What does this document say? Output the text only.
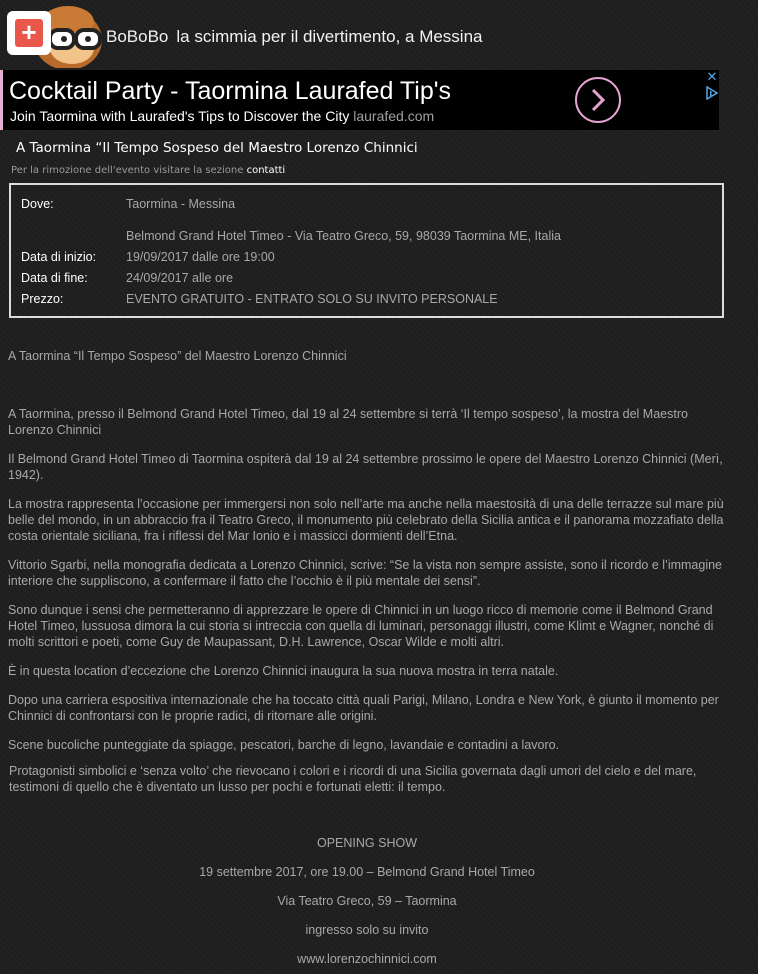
+	BoBoBo la scimmia per il divertimento, a Messina
Cocktail Party - Taormina Laurafed Tip's
Join Taormina with Laurafed's Tips to Discover the City laurafed.com
✕
A Taormina “Il Tempo Sospeso del Maestro Lorenzo Chinnici
Per la rimozione dell'evento visitare la sezione contatti
Dove:	Taormina - Messina
Belmond Grand Hotel Timeo - Via Teatro Greco, 59, 98039 Taormina ME, Italia
Data di inizio: 19/09/2017 dalle ore 19:00
Data di fine:	24/09/2017 alle ore
Prezzo:	EVENTO GRATUITO - ENTRATO SOLO SU INVITO PERSONALE

A Taormina “Il Tempo Sospeso” del Maestro Lorenzo Chinnici

A Taormina, presso il Belmond Grand Hotel Timeo, dal 19 al 24 settembre si terrà ‘Il tempo sospeso’, la mostra del Maestro Lorenzo Chinnici

Il Belmond Grand Hotel Timeo di Taormina ospiterà dal 19 al 24 settembre prossimo le opere del Maestro Lorenzo Chinnici (Merì, 1942).

La mostra rappresenta l’occasione per immergersi non solo nell’arte ma anche nella maestosità di una delle terrazze sul mare più belle del mondo, in un abbraccio fra il Teatro Greco, il monumento più celebrato della Sicilia antica e il panorama mozzafiato della costa orientale siciliana, fra i riflessi del Mar Ionio e i massicci dormienti dell’Etna.

Vittorio Sgarbi, nella monografia dedicata a Lorenzo Chinnici, scrive: “Se la vista non sempre assiste, sono il ricordo e l’immagine interiore che suppliscono, a confermare il fatto che l’occhio è il più mentale dei sensi”.

Sono dunque i sensi che permetteranno di apprezzare le opere di Chinnici in un luogo ricco di memorie come il Belmond Grand Hotel Timeo, lussuosa dimora la cui storia si intreccia con quella di luminari, personaggi illustri, come Klimt e Wagner, nonché di molti scrittori e poeti, come Guy de Maupassant, D.H. Lawrence, Oscar Wilde e molti altri.

È in questa location d’eccezione che Lorenzo Chinnici inaugura la sua nuova mostra in terra natale.

Dopo una carriera espositiva internazionale che ha toccato città quali Parigi, Milano, Londra e New York, è giunto il momento per Chinnici di confrontarsi con le proprie radici, di ritornare alle origini.

Scene bucoliche punteggiate da spiagge, pescatori, barche di legno, lavandaie e contadini a lavoro.

Protagonisti simbolici e ‘senza volto’ che rievocano i colori e i ricordi di una Sicilia governata dagli umori del cielo e del mare, testimoni di quello che è diventato un lusso per pochi e fortunati eletti: il tempo.

OPENING SHOW
19 settembre 2017, ore 19.00 – Belmond Grand Hotel Timeo
Via Teatro Greco, 59 – Taormina
ingresso solo su invito
www.lorenzochinnici.com
